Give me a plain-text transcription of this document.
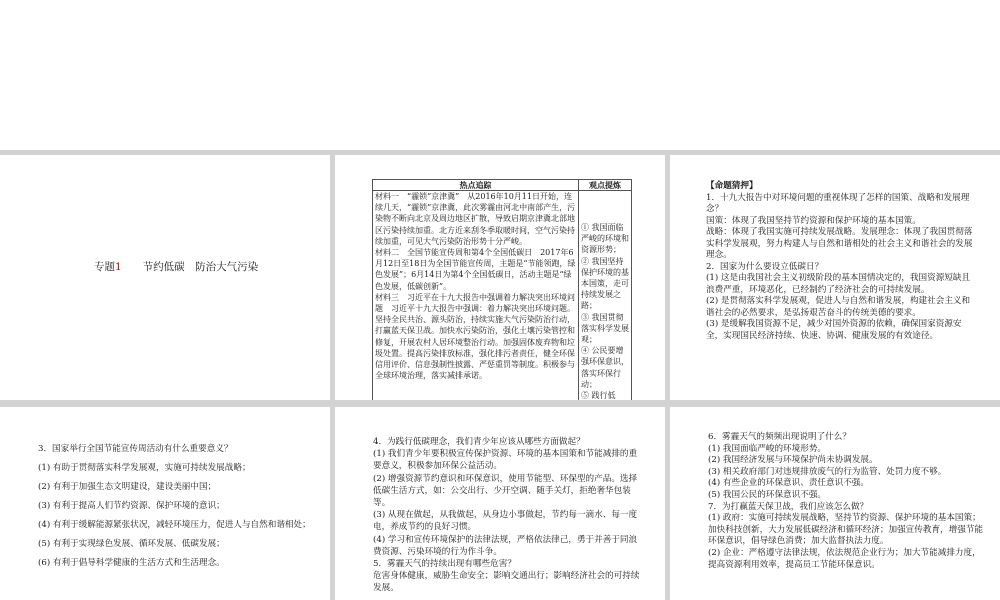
专题1　　 节约低碳　防治大气污染
热点追踪	观点提炼

材料一　“霾锁”京津冀”　从2016年10月11日开始，连续几天，“霾锁”京津冀，此次雾霾由河北中南部产生，污染物不断向北京及周边地区扩散，导致启期京津冀北部地区污染持续加重。北方近来刮冬季取暖时间，空气污染持续加重，可见大气污染防治形势十分严峻。

材料二　全国节能宣传周和第4个全国低碳日　2017年6月12日至18日为全国节能宣传周，主题是“节能领跑，绿色发展”；6月14日为第4个全国低碳日，活动主题是“绿色发展，低碳创新”。

材料三　习近平在十九大报告中强调着力解决突出环境问题　习近平十九大报告中强调：着力解决突出环境问题。坚持全民共治、源头防治，持续实施大气污染防治行动，打赢蓝天保卫战。加快水污染防治，强化土壤污染管控和修复，开展农村人居环境整治行动。加强固体废弃物和垃圾处置。提高污染排放标准，强化排污者责任，健全环保信用评价、信息强制性披露、严惩重罚等制度。积极参与全球环境治理，落实减排承诺。

① 我国面临严峻的环境和资源形势；

② 我国坚持保护环境的基本国策，走可持续发展之路；

③ 我国贯彻落实科学发展观；

④ 公民要增强环保意识，落实环保行动；

⑤ 践行低

【命题猜押】

1．十九大报告中对环境问题的重视体现了怎样的国策、战略和发展理念？

国策：体现了我国坚持节约资源和保护环境的基本国策。

战略：体现了我国实施可持续发展战略。发展理念：体现了我国贯彻落实科学发展观，努力构建人与自然和谐相处的社会主义和谐社会的发展理念。

2．国家为什么要设立低碳日？

(1) 这是由我国社会主义初级阶段的基本国情决定的，我国资源短缺且浪费严重，环境恶化，已经制约了经济社会的可持续发展。

(2) 是贯彻落实科学发展观，促进人与自然和谐发展，构建社会主义和谐社会的必然要求，是弘扬艰苦奋斗的传统美德的要求。

(3) 是缓解我国资源不足，减少对国外资源的依赖，确保国家资源安全，实现国民经济持续、快速、协调、健康发展的有效途径。

3．国家举行全国节能宣传周活动有什么重要意义？

(1) 有助于贯彻落实科学发展观，实施可持续发展战略；

(2) 有利于加强生态文明建设，建设美丽中国；

(3) 有利于提高人们节约资源、保护环境的意识；

(4) 有利于缓解能源紧张状况，减轻环境压力，促进人与自然和谐相处；

(5) 有利于实现绿色发展、循环发展、低碳发展；

(6) 有利于倡导科学健康的生活方式和生活理念。

4．为践行低碳理念，我们青少年应该从哪些方面做起？

(1) 我们青少年要积极宣传保护资源、环境的基本国策和节能减排的重要意义，积极参加环保公益活动。

(2) 增强资源节约意识和环保意识，使用节能型、环保型的产品。选择低碳生活方式，如：公交出行、少开空调、随手关灯，拒绝奢华包装等。

(3) 从现在做起，从我做起，从身边小事做起，节约每一滴水、每一度电，养成节约的良好习惯。

(4) 学习和宣传环境保护的法律法规，严格依法律己，勇于并善于同浪费资源、污染环境的行为作斗争。

5．雾霾天气的持续出现有哪些危害？

危害身体健康，威胁生命安全；影响交通出行；影响经济社会的可持续发展。

6．雾霾天气的频频出现说明了什么？

(1) 我国面临严峻的环境形势。

(2) 我国经济发展与环境保护尚未协调发展。

(3) 相关政府部门对违规排放废气的行为监管、处罚力度不够。

(4) 有些企业的环保意识、责任意识不强。

(5) 我国公民的环保意识不强。

7．为打赢蓝天保卫战，我们应该怎么做？

(1) 政府：实施可持续发展战略，坚持节约资源、保护环境的基本国策；加快科技创新，大力发展低碳经济和循环经济；加强宣传教育，增强节能环保意识，倡导绿色消费；加大监督执法力度。

(2) 企业：严格遵守法律法规，依法规范企业行为；加大节能减排力度，提高资源利用效率，提高员工节能环保意识。
